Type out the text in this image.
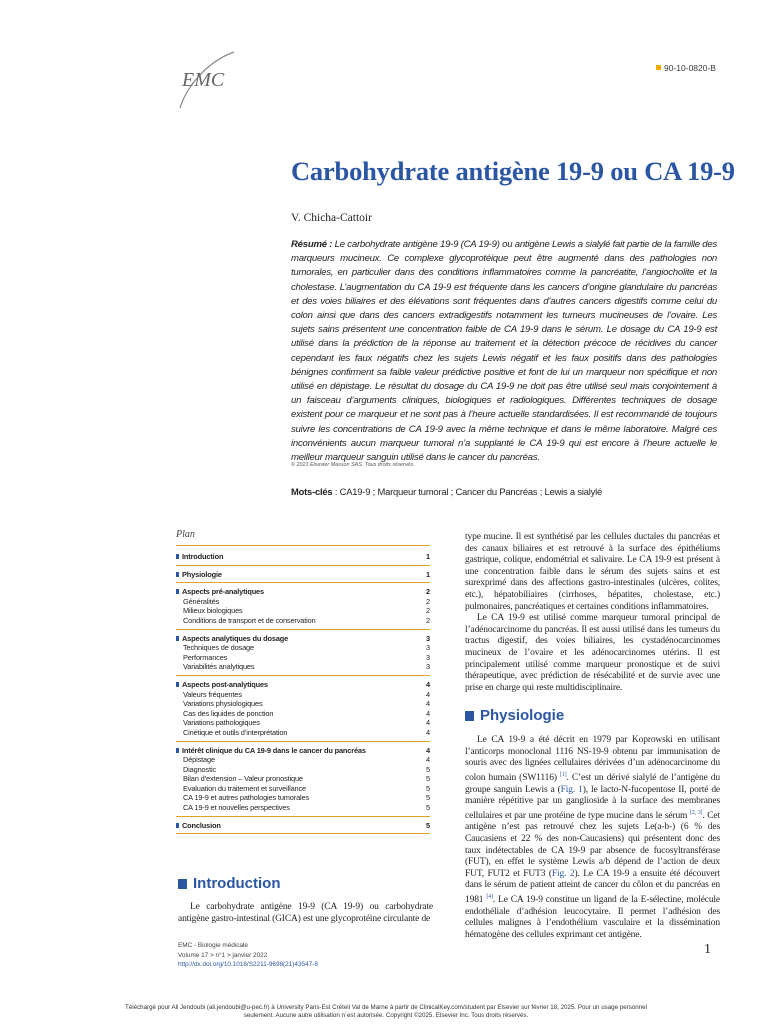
EMC
90-10-0820-B
Carbohydrate antigène 19-9 ou CA 19-9
V. Chicha-Cattoir
Résumé : Le carbohydrate antigène 19-9 (CA 19-9) ou antigène Lewis a sialylé fait partie de la famille des marqueurs mucineux. Ce complexe glycoprotéique peut être augmenté dans des pathologies non tumorales, en particulier dans des conditions inflammatoires comme la pancréatite, l’angiocholite et la cholestase. L’augmentation du CA 19-9 est fréquente dans les cancers d’origine glandulaire du pancréas et des voies biliaires et des élévations sont fréquentes dans d’autres cancers digestifs comme celui du colon ainsi que dans des cancers extradigestifs notamment les tumeurs mucineuses de l’ovaire. Les sujets sains présentent une concentration faible de CA 19-9 dans le sérum. Le dosage du CA 19-9 est utilisé dans la prédiction de la réponse au traitement et la détection précoce de récidives du cancer cependant les faux négatifs chez les sujets Lewis négatif et les faux positifs dans des pathologies bénignes confirment sa faible valeur prédictive positive et font de lui un marqueur non spécifique et non utilisé en dépistage. Le résultat du dosage du CA 19-9 ne doit pas être utilisé seul mais conjointement à un faisceau d’arguments cliniques, biologiques et radiologiques. Différentes techniques de dosage existent pour ce marqueur et ne sont pas à l’heure actuelle standardisées. Il est recommandé de toujours suivre les concentrations de CA 19-9 avec la même technique et dans le même laboratoire. Malgré ces inconvénients aucun marqueur tumoral n’a supplanté le CA 19-9 qui est encore à l’heure actuelle le meilleur marqueur sanguin utilisé dans le cancer du pancréas.
© 2021 Elsevier Masson SAS. Tous droits réservés.
Mots-clés : CA19-9 ; Marqueur tumoral ; Cancer du Pancréas ; Lewis a sialylé
Plan
Introduction	1
Physiologie	1
Aspects pré-analytiques	2
Généralités	2
Milieux biologiques	2
Conditions de transport et de conservation	2
Aspects analytiques du dosage	3
Techniques de dosage	3
Performances	3
Variabilités analytiques	3
Aspects post-analytiques	4
Valeurs fréquentes	4
Variations physiologiques	4
Cas des liquides de ponction	4
Variations pathologiques	4
Cinétique et outils d’interprétation	4
Intérêt clinique du CA 19-9 dans le cancer du pancréas	4
Dépistage	4
Diagnostic	5
Bilan d’extension – Valeur pronostique	5
Evaluation du traitement et surveillance	5
CA 19-9 et autres pathologies tumorales	5
CA 19-9 et nouvelles perspectives	5
Conclusion	5
Introduction

Le carbohydrate antigène 19-9 (CA 19-9) ou carbohydrate antigène gastro-intestinal (GICA) est une glycoprotéine circulante de

type mucine. Il est synthétisé par les cellules ductales du pancréas et des canaux biliaires et est retrouvé à la surface des épithéliums gastrique, colique, endométrial et salivaire. Le CA 19-9 est présent à une concentration faible dans le sérum des sujets sains et est surexprimé dans des affections gastro-intestinales (ulcères, colites, etc.), hépatobiliaires (cirrhoses, hépatites, cholestase, etc.) pulmonaires, pancréatiques et certaines conditions inflammatoires.

Le CA 19-9 est utilisé comme marqueur tumoral principal de l’adénocarcinome du pancréas. Il est aussi utilisé dans les tumeurs du tractus digestif, des voies biliaires, les cystadénocarcinomes mucineux de l’ovaire et les adénocarcinomes utérins. Il est principalement utilisé comme marqueur pronostique et de suivi thérapeutique, avec prédiction de résécabilité et de survie avec une prise en charge qui reste multidisciplinaire.

Physiologie

Le CA 19-9 a été décrit en 1979 par Koprowski en utilisant l’anticorps monoclonal 1116 NS-19-9 obtenu par immunisation de souris avec des lignées cellulaires dérivées d’un adénocarcinome du colon humain (SW1116) [1]. C’est un dérivé sialylé de l’antigène du groupe sanguin Lewis a (Fig. 1), le lacto-N-fucopentose II, porté de manière répétitive par un ganglioside à la surface des membranes cellulaires et par une protéine de type mucine dans le sérum [2, 3]. Cet antigène n’est pas retrouvé chez les sujets Le(a-b-) (6 % des Caucasiens et 22 % des non-Caucasiens) qui présentent donc des taux indétectables de CA 19-9 par absence de fucosyltransférase (FUT), en effet le système Lewis a/b dépend de l’action de deux FUT, FUT2 et FUT3 (Fig. 2). Le CA 19-9 a ensuite été découvert dans le sérum de patient atteint de cancer du côlon et du pancréas en 1981 [4]. Le CA 19-9 constitue un ligand de la E-sélectine, molécule endothéliale d’adhésion leucocytaire. Il permet l’adhésion des cellules malignes à l’endothélium vasculaire et la dissémination hématogène des cellules exprimant cet antigène.

EMC - Biologie médicale
Volume 17 > n°1 > janvier 2022
http://dx.doi.org/10.1016/S2211-9698(21)43547-8
1
Téléchargé pour Ali Jendoubi (ali.jendoubi@u-pec.fr) à University Paris-Est Créteil Val de Marne à partir de ClinicalKey.com/student par Elsevier sur février 18, 2025. Pour un usage personnel seulement. Aucune autre utilisation n´est autorisée. Copyright ©2025. Elsevier Inc. Tous droits réservés.
